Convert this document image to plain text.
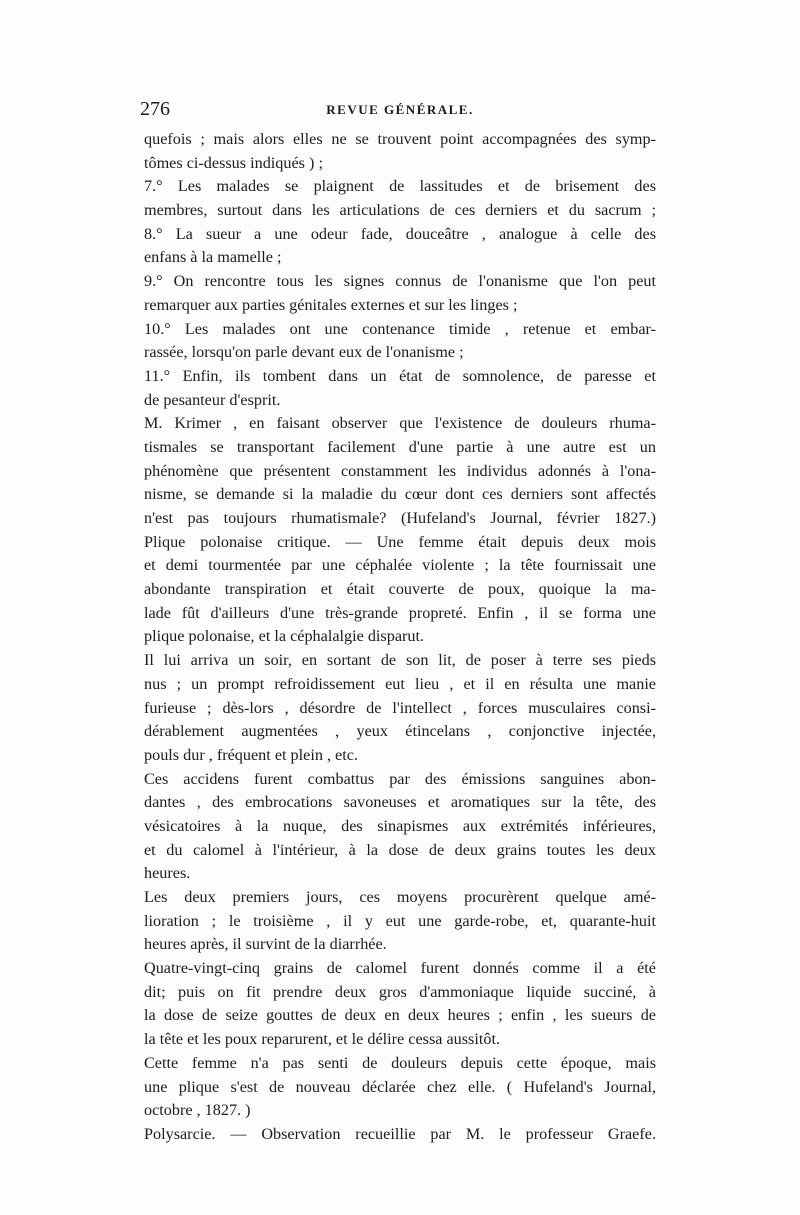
276	REVUE GÉNÉRALE.
quefois ; mais alors elles ne se trouvent point accompagnées des symp-
tômes ci-dessus indiqués ) ;
7.° Les malades se plaignent de lassitudes et de brisement des
membres, surtout dans les articulations de ces derniers et du sacrum ;
8.° La sueur a une odeur fade, douceâtre , analogue à celle des
enfans à la mamelle ;
9.° On rencontre tous les signes connus de l'onanisme que l'on peut
remarquer aux parties génitales externes et sur les linges ;
10.° Les malades ont une contenance timide , retenue et embar-
rassée, lorsqu'on parle devant eux de l'onanisme ;
11.° Enfin, ils tombent dans un état de somnolence, de paresse et
de pesanteur d'esprit.
M. Krimer , en faisant observer que l'existence de douleurs rhuma-
tismales se transportant facilement d'une partie à une autre est un
phénomène que présentent constamment les individus adonnés à l'ona-
nisme, se demande si la maladie du cœur dont ces derniers sont affectés
n'est pas toujours rhumatismale? (Hufeland's Journal, février 1827.)
Plique polonaise critique. — Une femme était depuis deux mois
et demi tourmentée par une céphalée violente ; la tête fournissait une
abondante transpiration et était couverte de poux, quoique la ma-
lade fût d'ailleurs d'une très-grande propreté. Enfin , il se forma une
plique polonaise, et la céphalalgie disparut.
Il lui arriva un soir, en sortant de son lit, de poser à terre ses pieds
nus ; un prompt refroidissement eut lieu , et il en résulta une manie
furieuse ; dès-lors , désordre de l'intellect , forces musculaires consi-
dérablement augmentées , yeux étincelans , conjonctive injectée,
pouls dur , fréquent et plein , etc.
Ces accidens furent combattus par des émissions sanguines abon-
dantes , des embrocations savoneuses et aromatiques sur la tête, des
vésicatoires à la nuque, des sinapismes aux extrémités inférieures,
et du calomel à l'intérieur, à la dose de deux grains toutes les deux
heures.
Les deux premiers jours, ces moyens procurèrent quelque amé-
lioration ; le troisième , il y eut une garde-robe, et, quarante-huit
heures après, il survint de la diarrhée.
Quatre-vingt-cinq grains de calomel furent donnés comme il a été
dit; puis on fit prendre deux gros d'ammoniaque liquide succiné, à
la dose de seize gouttes de deux en deux heures ; enfin , les sueurs de
la tête et les poux reparurent, et le délire cessa aussitôt.
Cette femme n'a pas senti de douleurs depuis cette époque, mais
une plique s'est de nouveau déclarée chez elle. ( Hufeland's Journal,
octobre , 1827. )
Polysarcie. — Observation recueillie par M. le professeur Graefe.
